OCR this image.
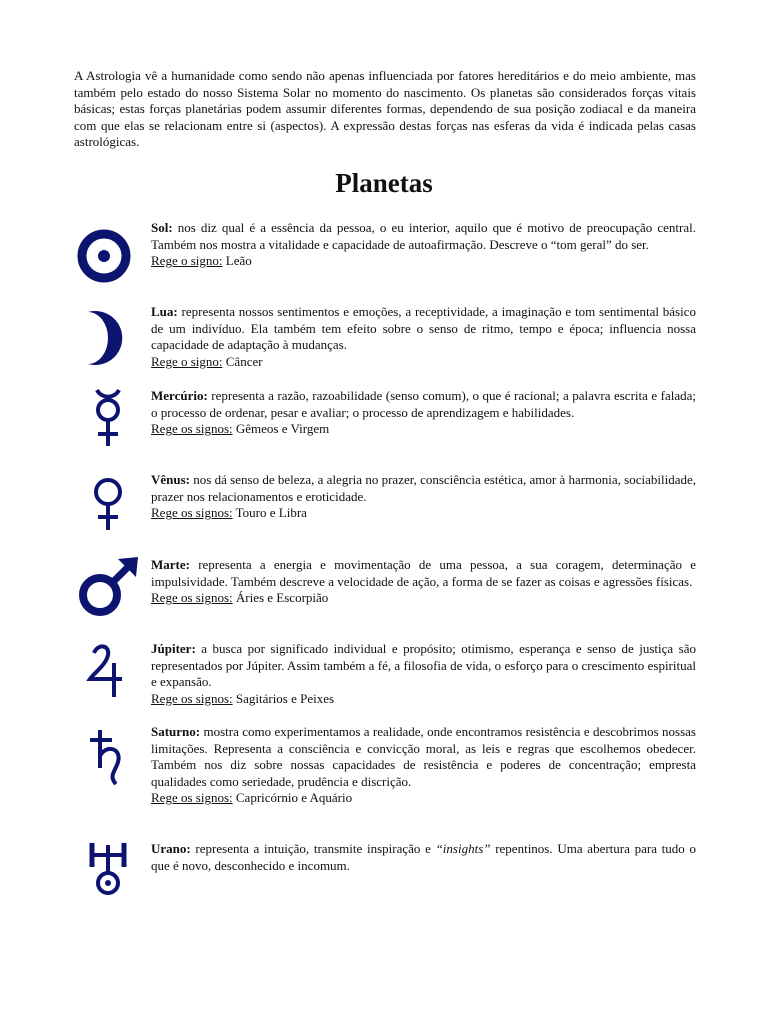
A Astrologia vê a humanidade como sendo não apenas influenciada por fatores hereditários e do meio ambiente, mas também pelo estado do nosso Sistema Solar no momento do nascimento. Os planetas são considerados forças vitais básicas; estas forças planetárias podem assumir diferentes formas, dependendo de sua posição zodiacal e da maneira com que elas se relacionam entre si (aspectos). A expressão destas forças nas esferas da vida é indicada pelas casas astrológicas.
Planetas

Sol: nos diz qual é a essência da pessoa, o eu interior, aquilo que é motivo de preocupação central. Também nos mostra a vitalidade e capacidade de autoafirmação. Descreve o “tom geral” do ser.

Rege o signo: Leão

Lua: representa nossos sentimentos e emoções, a receptividade, a imaginação e tom sentimental básico de um indivíduo. Ela também tem efeito sobre o senso de ritmo, tempo e época; influencia nossa capacidade de adaptação à mudanças.

Rege o signo: Câncer

Mercúrio: representa a razão, razoabilidade (senso comum), o que é racional; a palavra escrita e falada; o processo de ordenar, pesar e avaliar; o processo de aprendizagem e habilidades.

Rege os signos: Gêmeos e Virgem

Vênus: nos dá senso de beleza, a alegria no prazer, consciência estética, amor à harmonia, sociabilidade, prazer nos relacionamentos e eroticidade.

Rege os signos: Touro e Libra

Marte: representa a energia e movimentação de uma pessoa, a sua coragem, determinação e impulsividade. Também descreve a velocidade de ação, a forma de se fazer as coisas e agressões físicas.

Rege os signos: Áries e Escorpião

Júpiter: a busca por significado individual e propósito; otimismo, esperança e senso de justiça são representados por Júpiter. Assim também a fé, a filosofia de vida, o esforço para o crescimento espiritual e expansão.

Rege os signos: Sagitários e Peixes

Saturno: mostra como experimentamos a realidade, onde encontramos resistência e descobrimos nossas limitações. Representa a consciência e convicção moral, as leis e regras que escolhemos obedecer. Também nos diz sobre nossas capacidades de resistência e poderes de concentração; empresta qualidades como seriedade, prudência e discrição.

Rege os signos: Capricórnio e Aquário

Urano: representa a intuição, transmite inspiração e “insights” repentinos. Uma abertura para tudo o que é novo, desconhecido e incomum.
